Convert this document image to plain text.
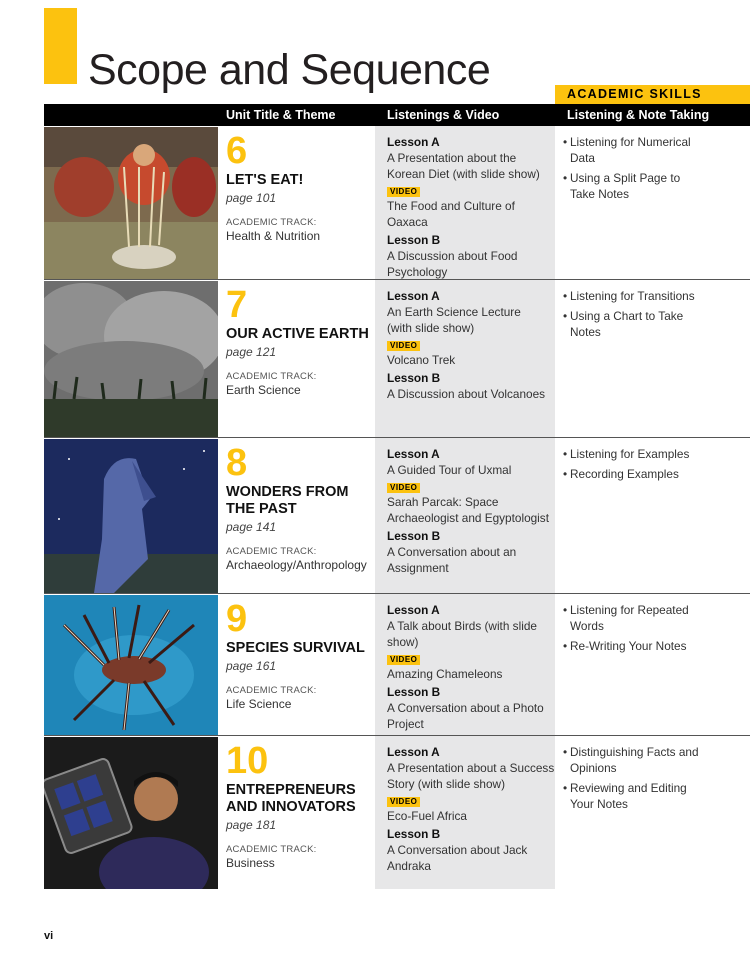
Scope and Sequence	ACADEMIC SKILLS
Unit Title & Theme	Listenings & Video	Listening & Note Taking

6

LET'S EAT!

page 101

ACADEMIC TRACK:
Health & Nutrition
Lesson A
A Presentation about the
Korean Diet (with slide show)
VIDEO
The Food and Culture of Oaxaca
Lesson B
A Discussion about Food
Psychology
• Listening for Numerical
Data
• Using a Split Page to
Take Notes

7

OUR ACTIVE EARTH

page 121

ACADEMIC TRACK:
Earth Science
Lesson A
An Earth Science Lecture
(with slide show)
VIDEO
Volcano Trek
Lesson B
A Discussion about Volcanoes
• Listening for Transitions
• Using a Chart to Take
Notes

8

WONDERS FROM
THE PAST

page 141

ACADEMIC TRACK:
Archaeology/Anthropology
Lesson A
A Guided Tour of Uxmal
VIDEO
Sarah Parcak: Space
Archaeologist and Egyptologist
Lesson B
A Conversation about an
Assignment
• Listening for Examples
• Recording Examples

9

SPECIES SURVIVAL

page 161

ACADEMIC TRACK:
Life Science
Lesson A
A Talk about Birds (with slide show)
VIDEO
Amazing Chameleons
Lesson B
A Conversation about a Photo
Project
• Listening for Repeated
Words
• Re-Writing Your Notes

10

ENTREPRENEURS
AND INNOVATORS

page 181

ACADEMIC TRACK:
Business
Lesson A
A Presentation about a Success
Story (with slide show)
VIDEO
Eco-Fuel Africa
Lesson B
A Conversation about Jack
Andraka
• Distinguishing Facts and
Opinions
• Reviewing and Editing
Your Notes
vi
